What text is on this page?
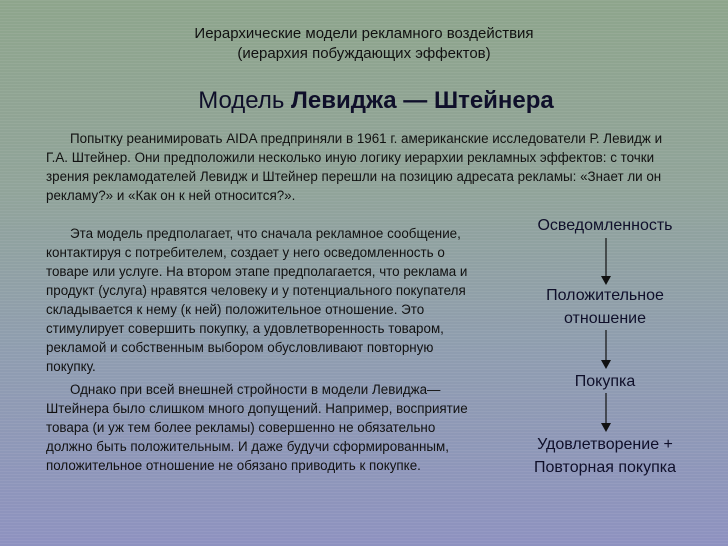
Иерархические модели рекламного воздействия
(иерархия побуждающих эффектов)
Модель Левиджа — Штейнера

Попытку реанимировать AIDA предприняли в 1961 г. американские исследователи Р. Левидж и Г.А. Штейнер. Они предположили несколько иную логику иерархии рекламных эффектов: с точки зрения рекламодателей Левидж и Штейнер перешли на позицию адресата рекламы: «Знает ли он рекламу?» и «Как он к ней относится?».

Эта модель предполагает, что сначала рекламное сообщение, контактируя с потребителем, создает у него осведомленность о товаре или услуге. На втором этапе предполагается, что реклама и продукт (услуга) нравятся человеку и у потенциального покупателя складывается к нему (к ней) положительное отношение. Это стимулирует совершить покупку, а удовлетворенность товаром, рекламой и собственным выбором обусловливают повторную покупку.

Однако при всей внешней стройности в модели Левиджа—Штейнера было слишком много допущений. Например, восприятие товара (и уж тем более рекламы) совершенно не обязательно должно быть положительным. И даже будучи сформированным, положительное отношение не обязано приводить к покупке.

Осведомленность
Положительное
отношение
Покупка
Удовлетворение +
Повторная покупка
